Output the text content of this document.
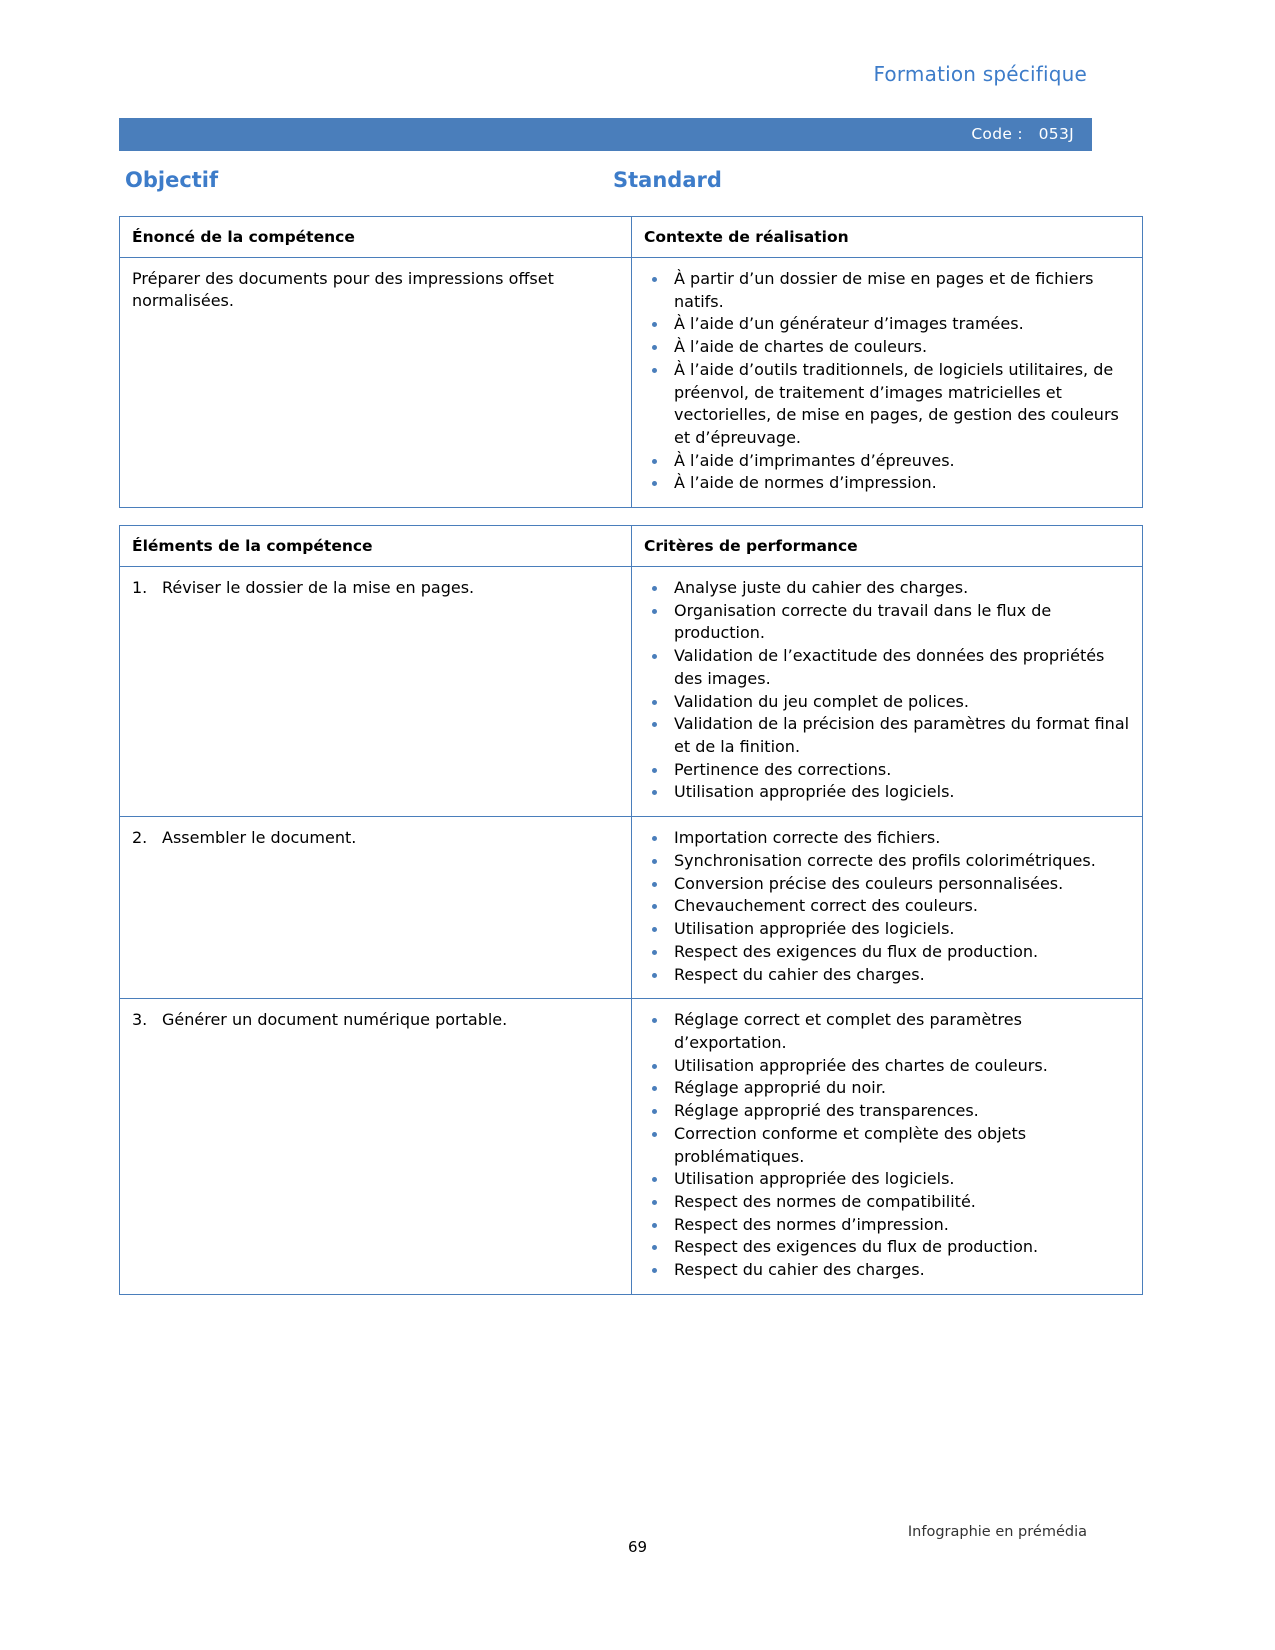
Formation spécifique
Code : 053J
Objectif	Standard
Énoncé de la compétence	Contexte de réalisation

Préparer des documents pour des impressions offset normalisées.

À partir d’un dossier de mise en pages et de fichiers natifs.
À l’aide d’un générateur d’images tramées.
À l’aide de chartes de couleurs.
À l’aide d’outils traditionnels, de logiciels utilitaires, de préenvol, de traitement d’images matricielles et vectorielles, de mise en pages, de gestion des couleurs et d’épreuvage.
À l’aide d’imprimantes d’épreuves.
À l’aide de normes d’impression.
Éléments de la compétence	Critères de performance

1. Réviser le dossier de la mise en pages.	Analyse juste du cahier des charges.
Organisation correcte du travail dans le flux de production.
Validation de l’exactitude des données des propriétés des images.
Validation du jeu complet de polices.
Validation de la précision des paramètres du format final et de la finition.
Pertinence des corrections.
Utilisation appropriée des logiciels.

2. Assembler le document.	Importation correcte des fichiers.
Synchronisation correcte des profils colorimétriques.
Conversion précise des couleurs personnalisées.
Chevauchement correct des couleurs.
Utilisation appropriée des logiciels.
Respect des exigences du flux de production.
Respect du cahier des charges.

3. Générer un document numérique portable.	Réglage correct et complet des paramètres d’exportation.
Utilisation appropriée des chartes de couleurs.
Réglage approprié du noir.
Réglage approprié des transparences.
Correction conforme et complète des objets problématiques.
Utilisation appropriée des logiciels.
Respect des normes de compatibilité.
Respect des normes d’impression.
Respect des exigences du flux de production.
Respect du cahier des charges.
Infographie en prémédia
69
